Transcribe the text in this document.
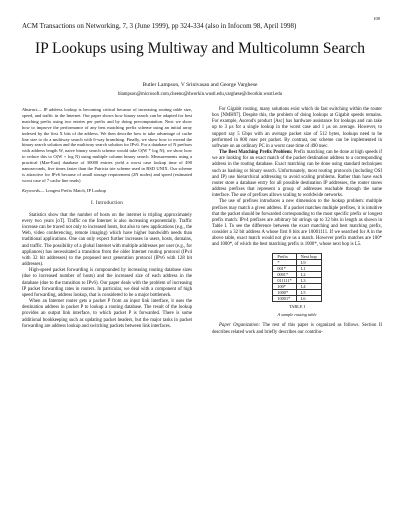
100
ACM Transactions on Networking, 7, 3 (June 1999), pp 324-334 (also in Infocom 98, April 1998)
IP Lookups using Multiway and Multicolumn Search
Butler Lampson, V Srinivasan and George Varghese
blampson@microsoft.com,cheenu@dworkin.wustl.edu,varghese@dworkin.wustl.edu

Abstract— IP address lookup is becoming critical because of increasing routing table size, speed, and traffic in the Internet. Our paper shows how binary search can be adapted for best matching prefix using two entries per prefix and by doing precomputation. Next we show how to improve the performance of any best matching prefix scheme using an initial array indexed by the first X bits of the address. We then describe how to take advantage of cache line size to do a multiway search with 6-way branching. Finally, we show how to extend the binary search solution and the multiway search solution for IPv6. For a database of N prefixes with address length W, naive binary search scheme would take O(W * log N); we show how to reduce this to O(W + log N) using multiple column binary search. Measurements using a practical (Mae-East) database of 30000 entries yield a worst case lookup time of 490 nanoseconds, five times faster than the Patricia trie scheme used in BSD UNIX. Our scheme is attractive for IPv6 because of small storage requirement (2N nodes) and speed (estimated worst case of 7 cache line reads)

Keywords— Longest Prefix Match, IP Lookup

I. Introduction

Statistics show that the number of hosts on the internet is tripling approximately every two years [oT]. Traffic on the Internet is also increasing exponentially. Traffic increase can be traced not only to increased hosts, but also to new applications (e.g., the Web, video conferencing, remote imaging) which have higher bandwidth needs than traditional applications. One can only expect further increases in users, hosts, domains, and traffic. The possibility of a global Internet with multiple addresses per user (e.g., for appliances) has necessitated a transition from the older Internet routing protocol (IPv4 with 32 bit addresses) to the proposed next generation protocol (IPv6 with 128 bit addresses).

High-speed packet forwarding is compounded by increasing routing database sizes (due to increased number of hosts) and the increased size of each address in the database (due to the transition to IPv6). Our paper deals with the problem of increasing IP packet forwarding rates in routers. In particular, we deal with a component of high speed forwarding, address lookup, that is considered to be a major bottleneck.

When an Internet router gets a packet P from an input link interface, it uses the destination address in packet P to lookup a routing database. The result of the lookup provides an output link interface, to which packet P is forwarded. There is some additional bookkeeping such as updating packet headers, but the major tasks in packet forwarding are address lookup and switching packets between link interfaces.

For Gigabit routing, many solutions exist which do fast switching within the router box [NMH97]. Despite this, the problem of doing lookups at Gigabit speeds remains. For example, Ascend's product [Asc] has hardware assistance for lookups and can take up to 3 μs for a single lookup in the worst case and 1 μs on average. However, to support say 5 Gbps with an average packet size of 512 bytes, lookups need to be performed in 800 nsec per packet. By contrast, our scheme can be implemented in software on an ordinary PC in a worst case time of 490 nsec.

The Best Matching Prefix Problem: Prefix matching can be done at high speeds if we are looking for an exact match of the packet destination address to a corresponding address in the routing database. Exact matching can be done using standard techniques such as hashing or binary search. Unfortunately, most routing protocols (including OSI and IP) use hierarchical addressing to avoid scaling problems. Rather than have each router store a database entry for all possible destination IP addresses, the router stores address prefixes that represent a group of addresses reachable through the same interface. The use of prefixes allows scaling to worldwide networks.

The use of prefixes introduces a new dimension to the lookup problem: multiple prefixes may match a given address. If a packet matches multiple prefixes, it is intuitive that the packet should be forwarded corresponding to the most specific prefix or longest prefix match. IPv4 prefixes are arbitrary bit strings up to 32 bits in length as shown in Table I. To see the difference between the exact matching and best matching prefix, consider a 32 bit address A whose first 8 bits are 10001111. If we searched for A in the above table, exact match would not give us a match. However prefix matches are 100* and 1000*, of which the best matching prefix is 1000*, whose next hop is L5.

Prefix	Next hop
*	L9
001*	L1
0001*	L2
011111*	L3
100*	L4
1000*	L5
10001*	L6
TABLE I
A sample routing table

Paper Organization: The rest of this paper is organized as follows. Section II describes related work and briefly describes our contribu-
